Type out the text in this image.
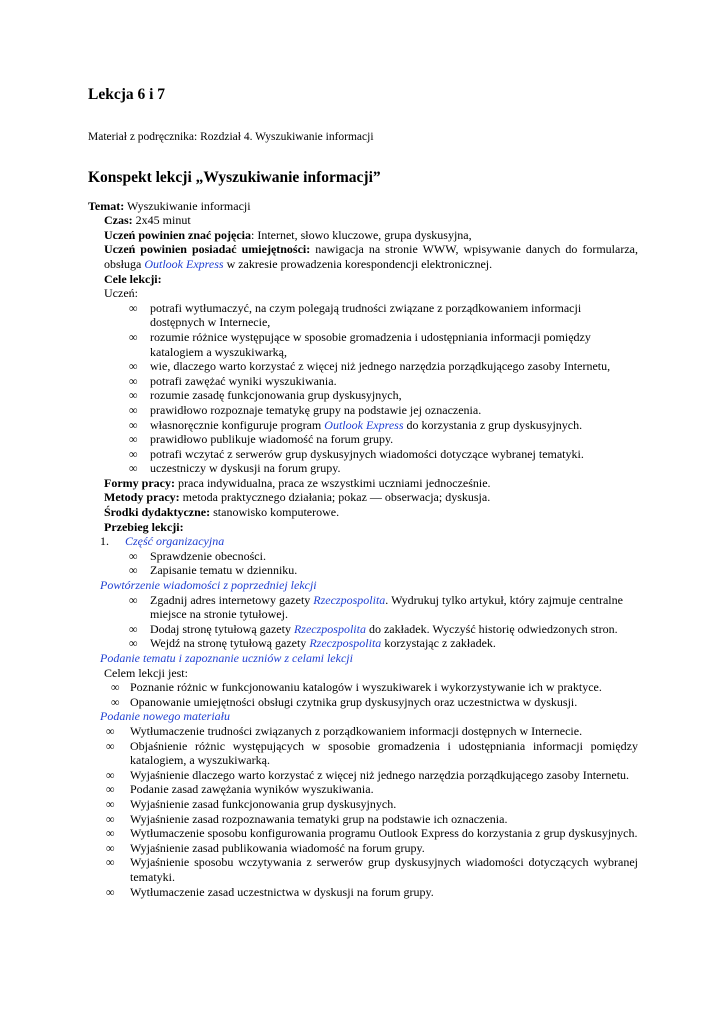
Lekcja 6 i 7

Materiał z podręcznika: Rozdział 4. Wyszukiwanie informacji

Konspekt lekcji „Wyszukiwanie informacji”

Temat: Wyszukiwanie informacji

Czas: 2x45 minut

Uczeń powinien znać pojęcia: Internet, słowo kluczowe, grupa dyskusyjna,

Uczeń powinien posiadać umiejętności: nawigacja na stronie WWW, wpisywanie danych do formularza, obsługa Outlook Express w zakresie prowadzenia korespondencji elektronicznej.

Cele lekcji:

Uczeń:

∞ potrafi wytłumaczyć, na czym polegają trudności związane z porządkowaniem informacji dostępnych w Internecie,
∞ rozumie różnice występujące w sposobie gromadzenia i udostępniania informacji pomiędzy katalogiem a wyszukiwarką,
∞ wie, dlaczego warto korzystać z więcej niż jednego narzędzia porządkującego zasoby Internetu,
∞ potrafi zawężać wyniki wyszukiwania.
∞ rozumie zasadę funkcjonowania grup dyskusyjnych,
∞ prawidłowo rozpoznaje tematykę grupy na podstawie jej oznaczenia.
∞ własnoręcznie konfiguruje program Outlook Express do korzystania z grup dyskusyjnych.
∞ prawidłowo publikuje wiadomość na forum grupy.
∞ potrafi wczytać z serwerów grup dyskusyjnych wiadomości dotyczące wybranej tematyki.
∞ uczestniczy w dyskusji na forum grupy.

Formy pracy: praca indywidualna, praca ze wszystkimi uczniami jednocześnie.

Metody pracy: metoda praktycznego działania; pokaz — obserwacja; dyskusja.

Środki dydaktyczne: stanowisko komputerowe.

Przebieg lekcji:

1. Część organizacyjna

∞ Sprawdzenie obecności.
∞ Zapisanie tematu w dzienniku.

Powtórzenie wiadomości z poprzedniej lekcji

∞ Zgadnij adres internetowy gazety Rzeczpospolita. Wydrukuj tylko artykuł, który zajmuje centralne miejsce na stronie tytułowej.
∞ Dodaj stronę tytułową gazety Rzeczpospolita do zakładek. Wyczyść historię odwiedzonych stron.
∞ Wejdź na stronę tytułową gazety Rzeczpospolita korzystając z zakładek.

Podanie tematu i zapoznanie uczniów z celami lekcji

Celem lekcji jest:

∞ Poznanie różnic w funkcjonowaniu katalogów i wyszukiwarek i wykorzystywanie ich w praktyce.
∞ Opanowanie umiejętności obsługi czytnika grup dyskusyjnych oraz uczestnictwa w dyskusji.

Podanie nowego materiału

∞ Wytłumaczenie trudności związanych z porządkowaniem informacji dostępnych w Internecie.
∞ Objaśnienie różnic występujących w sposobie gromadzenia i udostępniania informacji pomiędzy katalogiem, a wyszukiwarką.
∞ Wyjaśnienie dlaczego warto korzystać z więcej niż jednego narzędzia porządkującego zasoby Internetu.
∞ Podanie zasad zawężania wyników wyszukiwania.
∞ Wyjaśnienie zasad funkcjonowania grup dyskusyjnych.
∞ Wyjaśnienie zasad rozpoznawania tematyki grup na podstawie ich oznaczenia.
∞ Wytłumaczenie sposobu konfigurowania programu Outlook Express do korzystania z grup dyskusyjnych.
∞ Wyjaśnienie zasad publikowania wiadomość na forum grupy.
∞ Wyjaśnienie sposobu wczytywania z serwerów grup dyskusyjnych wiadomości dotyczących wybranej tematyki.
∞ Wytłumaczenie zasad uczestnictwa w dyskusji na forum grupy.
